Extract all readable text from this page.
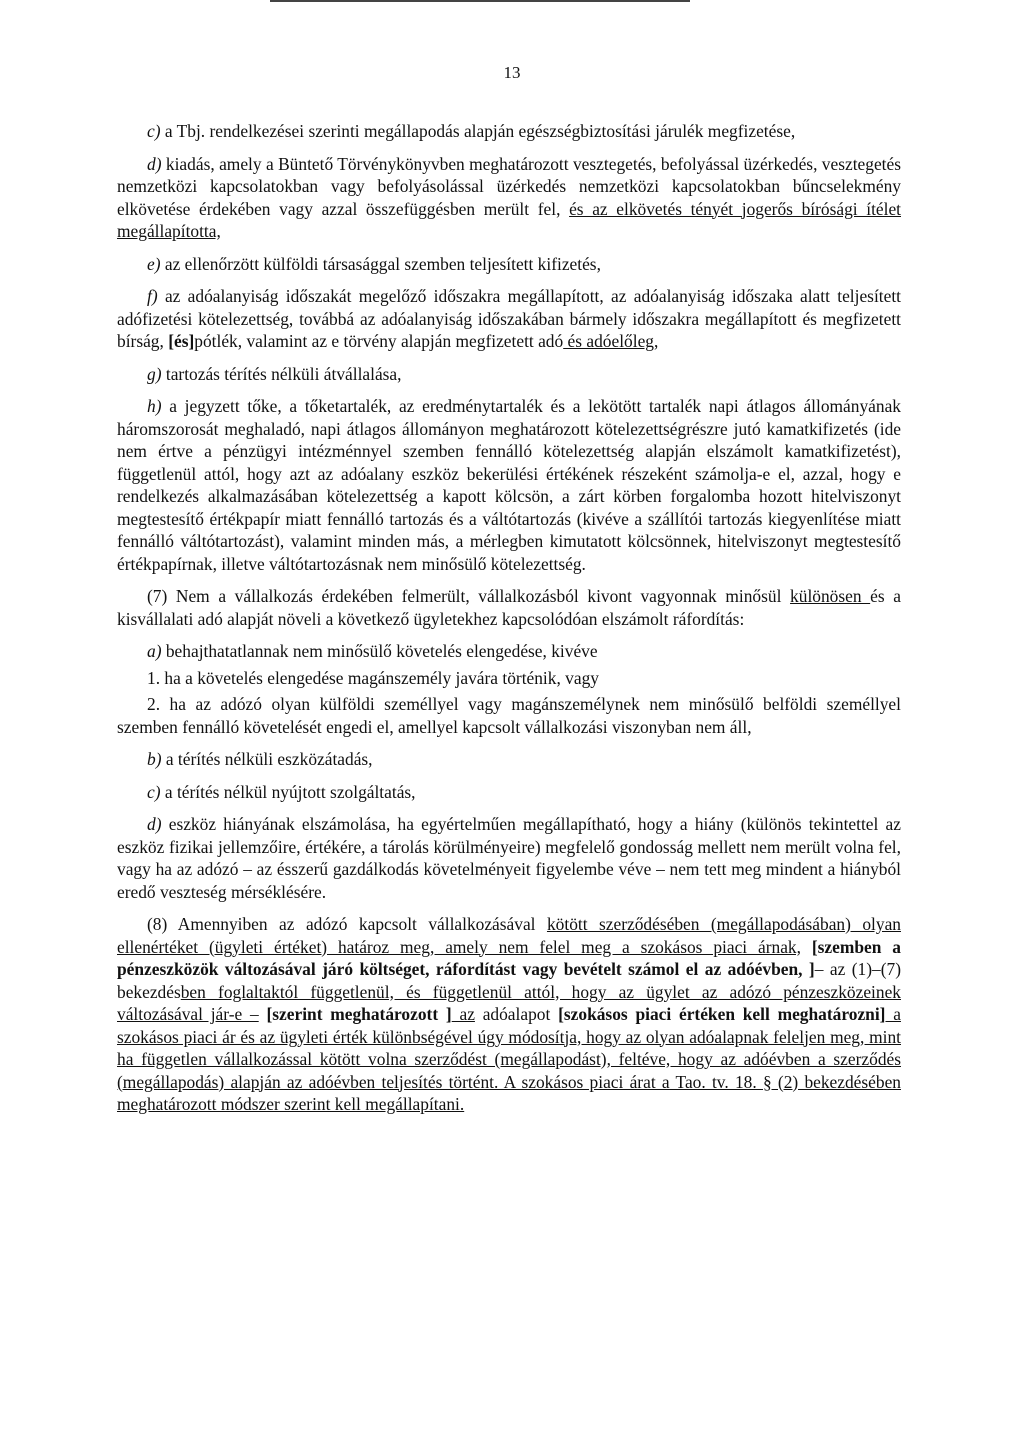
13

c) a Tbj. rendelkezései szerinti megállapodás alapján egészségbiztosítási járulék megfizetése,

d) kiadás, amely a Büntető Törvénykönyvben meghatározott vesztegetés, befolyással üzérkedés, vesztegetés nemzetközi kapcsolatokban vagy befolyásolással üzérkedés nemzetközi kapcsolatokban bűncselekmény elkövetése érdekében vagy azzal összefüggésben merült fel, és az elkövetés tényét jogerős bírósági ítélet megállapította,

e) az ellenőrzött külföldi társasággal szemben teljesített kifizetés,

f) az adóalanyiság időszakát megelőző időszakra megállapított, az adóalanyiság időszaka alatt teljesített adófizetési kötelezettség, továbbá az adóalanyiság időszakában bármely időszakra megállapított és megfizetett bírság, [és]pótlék, valamint az e törvény alapján megfizetett adó és adóelőleg,

g) tartozás térítés nélküli átvállalása,

h) a jegyzett tőke, a tőketartalék, az eredménytartalék és a lekötött tartalék napi átlagos állományának háromszorosát meghaladó, napi átlagos állományon meghatározott kötelezettségrészre jutó kamatkifizetés (ide nem értve a pénzügyi intézménnyel szemben fennálló kötelezettség alapján elszámolt kamatkifizetést), függetlenül attól, hogy azt az adóalany eszköz bekerülési értékének részeként számolja-e el, azzal, hogy e rendelkezés alkalmazásában kötelezettség a kapott kölcsön, a zárt körben forgalomba hozott hitelviszonyt megtestesítő értékpapír miatt fennálló tartozás és a váltótartozás (kivéve a szállítói tartozás kiegyenlítése miatt fennálló váltótartozást), valamint minden más, a mérlegben kimutatott kölcsönnek, hitelviszonyt megtestesítő értékpapírnak, illetve váltótartozásnak nem minősülő kötelezettség.

(7) Nem a vállalkozás érdekében felmerült, vállalkozásból kivont vagyonnak minősül különösen és a kisvállalati adó alapját növeli a következő ügyletekhez kapcsolódóan elszámolt ráfordítás:

a) behajthatatlannak nem minősülő követelés elengedése, kivéve

1. ha a követelés elengedése magánszemély javára történik, vagy

2. ha az adózó olyan külföldi személlyel vagy magánszemélynek nem minősülő belföldi személlyel szemben fennálló követelését engedi el, amellyel kapcsolt vállalkozási viszonyban nem áll,

b) a térítés nélküli eszközátadás,

c) a térítés nélkül nyújtott szolgáltatás,

d) eszköz hiányának elszámolása, ha egyértelműen megállapítható, hogy a hiány (különös tekintettel az eszköz fizikai jellemzőire, értékére, a tárolás körülményeire) megfelelő gondosság mellett nem merült volna fel, vagy ha az adózó – az ésszerű gazdálkodás követelményeit figyelembe véve – nem tett meg mindent a hiányból eredő veszteség mérséklésére.

(8) Amennyiben az adózó kapcsolt vállalkozásával kötött szerződésében (megállapodásában) olyan ellenértéket (ügyleti értéket) határoz meg, amely nem felel meg a szokásos piaci árnak, [szemben a pénzeszközök változásával járó költséget, ráfordítást vagy bevételt számol el az adóévben, ]– az (1)–(7) bekezdésben foglaltaktól függetlenül, és függetlenül attól, hogy az ügylet az adózó pénzeszközeinek változásával jár-e – [szerint meghatározott ] az adóalapot [szokásos piaci értéken kell meghatározni] a szokásos piaci ár és az ügyleti érték különbségével úgy módosítja, hogy az olyan adóalapnak feleljen meg, mint ha független vállalkozással kötött volna szerződést (megállapodást), feltéve, hogy az adóévben a szerződés (megállapodás) alapján az adóévben teljesítés történt. A szokásos piaci árat a Tao. tv. 18. § (2) bekezdésében meghatározott módszer szerint kell megállapítani.
